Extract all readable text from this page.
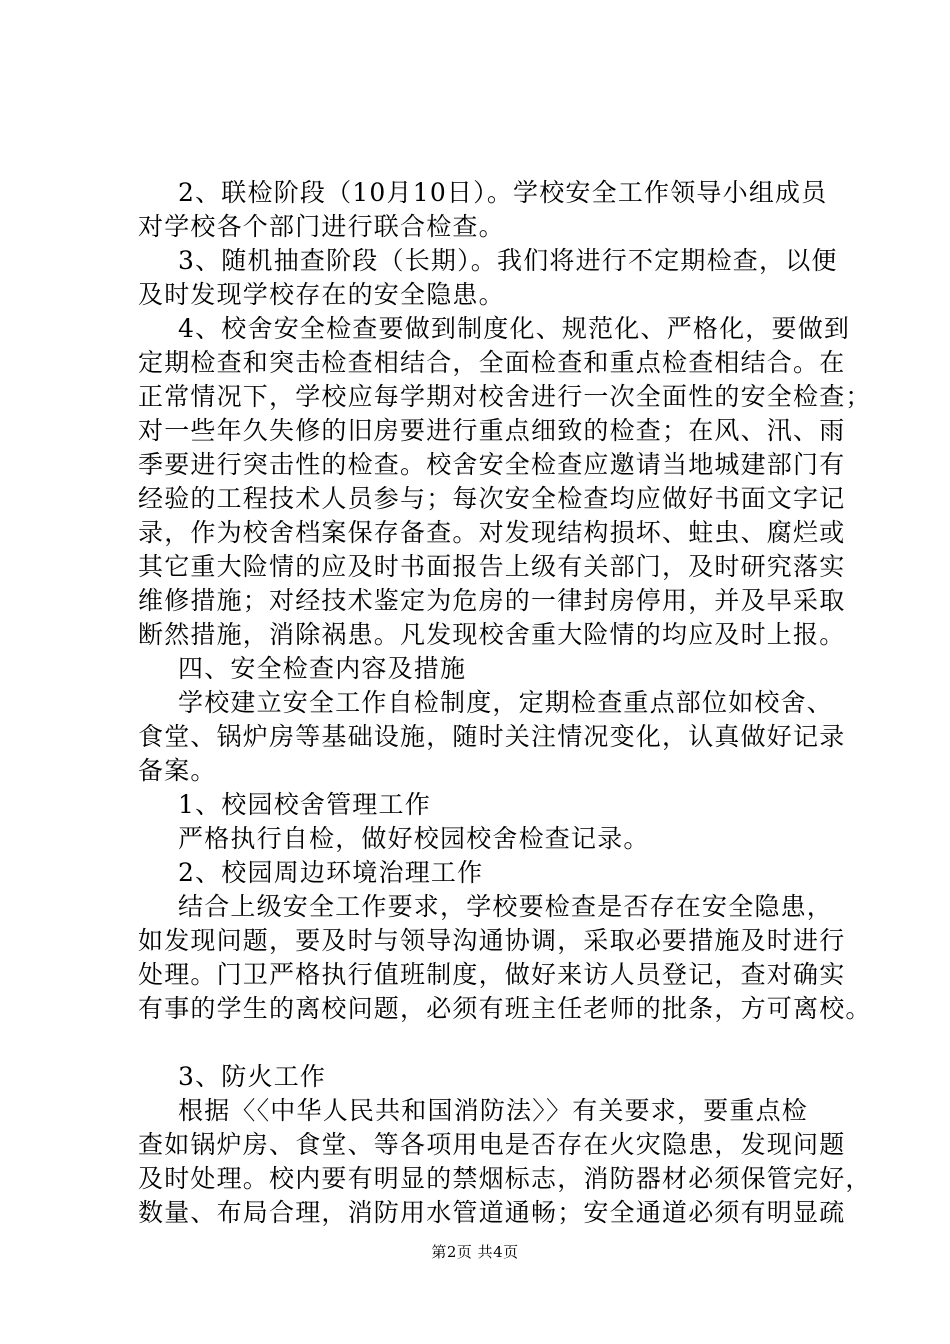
2、联检阶段（10月10日）。学校安全工作领导小组成员
对学校各个部门进行联合检查。
3、随机抽查阶段（长期）。我们将进行不定期检查，以便
及时发现学校存在的安全隐患。
4、校舍安全检查要做到制度化、规范化、严格化，要做到
定期检查和突击检查相结合，全面检查和重点检查相结合。在
正常情况下，学校应每学期对校舍进行一次全面性的安全检查；
对一些年久失修的旧房要进行重点细致的检查；在风、汛、雨
季要进行突击性的检查。校舍安全检查应邀请当地城建部门有
经验的工程技术人员参与；每次安全检查均应做好书面文字记
录，作为校舍档案保存备查。对发现结构损坏、蛀虫、腐烂或
其它重大险情的应及时书面报告上级有关部门，及时研究落实
维修措施；对经技术鉴定为危房的一律封房停用，并及早采取
断然措施，消除祸患。凡发现校舍重大险情的均应及时上报。
四、安全检查内容及措施
学校建立安全工作自检制度，定期检查重点部位如校舍、
食堂、锅炉房等基础设施，随时关注情况变化，认真做好记录
备案。
1、校园校舍管理工作
严格执行自检，做好校园校舍检查记录。
2、校园周边环境治理工作
结合上级安全工作要求，学校要检查是否存在安全隐患，
如发现问题，要及时与领导沟通协调，采取必要措施及时进行
处理。门卫严格执行值班制度，做好来访人员登记，查对确实
有事的学生的离校问题，必须有班主任老师的批条，方可离校。
3、防火工作
根据〈〈中华人民共和国消防法〉〉有关要求，要重点检
查如锅炉房、食堂、等各项用电是否存在火灾隐患，发现问题
及时处理。校内要有明显的禁烟标志，消防器材必须保管完好，
数量、布局合理，消防用水管道通畅；安全通道必须有明显疏
第2页 共4页
